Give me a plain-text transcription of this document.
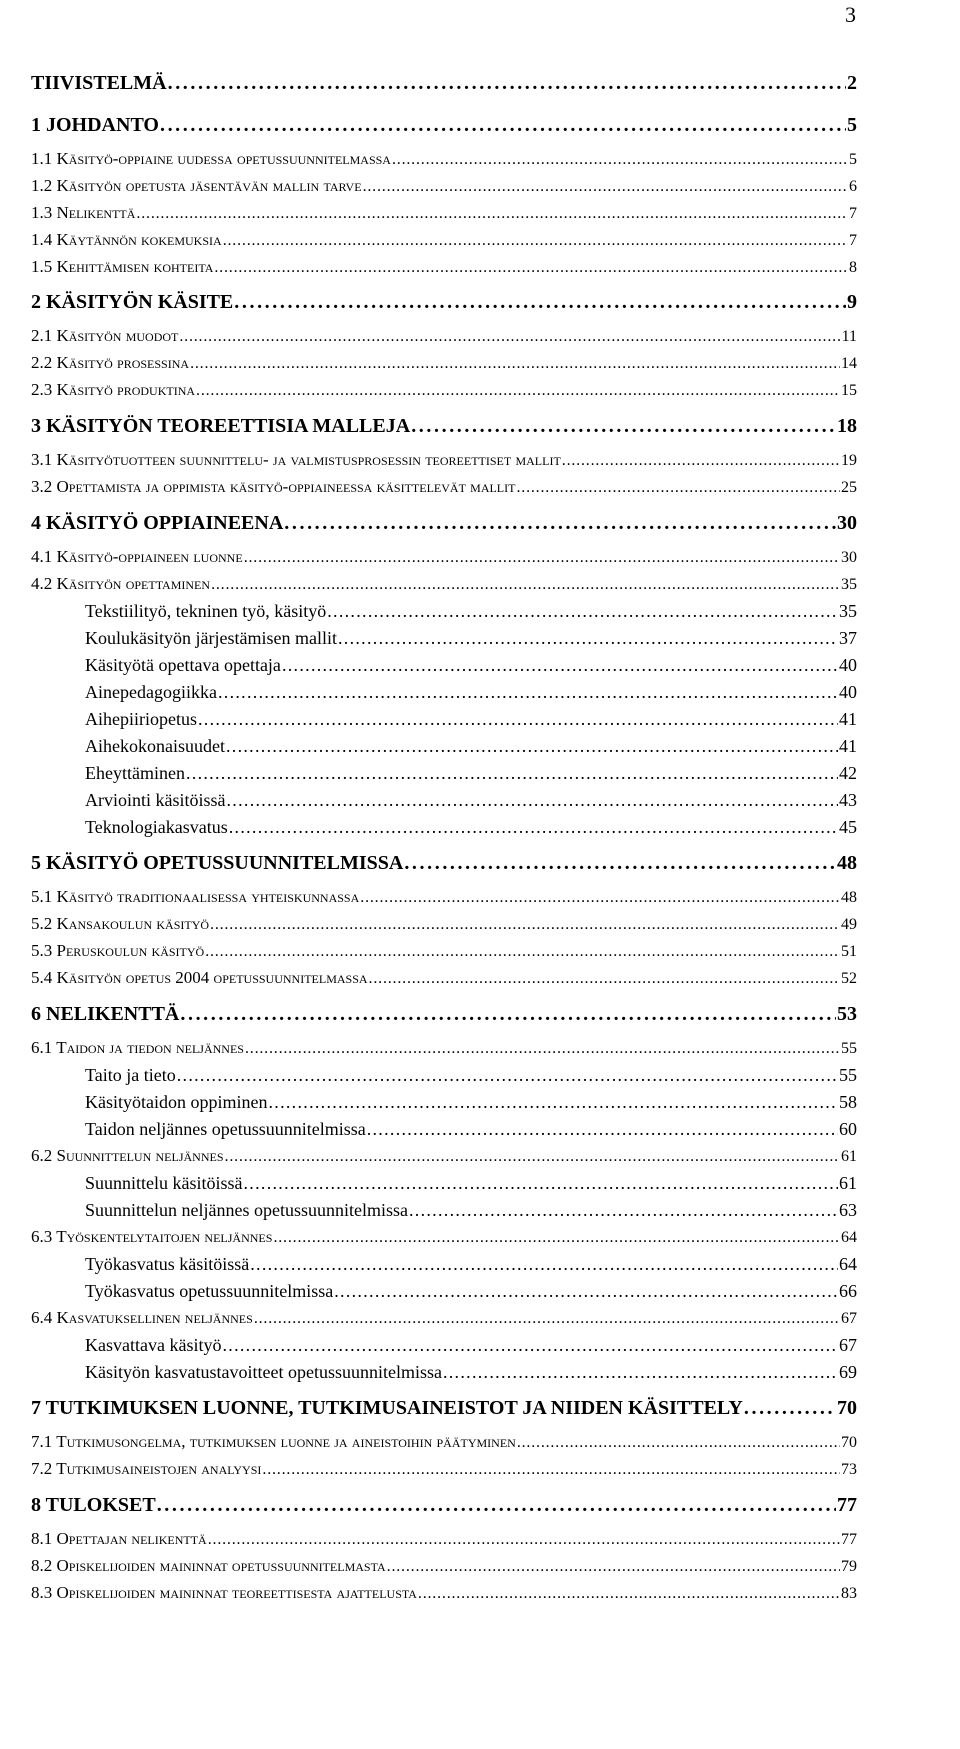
3
TIIVISTELMÄ . . .	2
1 JOHDANTO . . .	5
1.1 Käsityö-oppiaine uudessa opetussuunnitelmassa . . .	5
1.2 Käsityön opetusta jäsentävän mallin tarve . . .	6
1.3 Nelikenttä . . .	7
1.4 Käytännön kokemuksia . . .	7
1.5 Kehittämisen kohteita . . .	8
2 KÄSITYÖN KÄSITE . . .	9
2.1 Käsityön muodot . . .	11
2.2 Käsityö prosessina . . .	14
2.3 Käsityö produktina . . .	15
3 KÄSITYÖN TEOREETTISIA MALLEJA . . .	18
3.1 Käsityötuotteen suunnittelu- ja valmistusprosessin teoreettiset mallit . . .	19
3.2 Opettamista ja oppimista käsityö-oppiaineessa käsittelevät mallit . . .	25
4 KÄSITYÖ OPPIAINEENA . . .	30
4.1 Käsityö-oppiaineen luonne . . .	30
4.2 Käsityön opettaminen . . .	35
Tekstiilityö, tekninen työ, käsityö . . .	35
Koulukäsityön järjestämisen mallit . . .	37
Käsityötä opettava opettaja . . .	40
Ainepedagogiikka . . .	40
Aihepiiriopetus . . .	41
Aihekokonaisuudet . . .	41
Eheyttäminen . . .	42
Arviointi käsitöissä . . .	43
Teknologiakasvatus . . .	45
5 KÄSITYÖ OPETUSSUUNNITELMISSA . . .	48
5.1 Käsityö traditionaalisessa yhteiskunnassa . . .	48
5.2 Kansakoulun käsityö . . .	49
5.3 Peruskoulun käsityö . . .	51
5.4 Käsityön opetus 2004 opetussuunnitelmassa . . .	52
6 NELIKENTTÄ . . .	53
6.1 Taidon ja tiedon neljännes . . .	55
Taito ja tieto . . .	55
Käsityötaidon oppiminen . . .	58
Taidon neljännes opetussuunnitelmissa . . .	60
6.2 Suunnittelun neljännes . . .	61
Suunnittelu käsitöissä . . .	61
Suunnittelun neljännes opetussuunnitelmissa . . .	63
6.3 Työskentelytaitojen neljännes . . .	64
Työkasvatus käsitöissä . . .	64
Työkasvatus opetussuunnitelmissa . . .	66
6.4 Kasvatuksellinen neljännes . . .	67
Kasvattava käsityö . . .	67
Käsityön kasvatustavoitteet opetussuunnitelmissa . . .	69
7 TUTKIMUKSEN LUONNE, TUTKIMUSAINEISTOT JA NIIDEN KÄSITTELY . . .	70
7.1 Tutkimusongelma, tutkimuksen luonne ja aineistoihin päätyminen . . .	70
7.2 Tutkimusaineistojen analyysi . . .	73
8 TULOKSET . . .	77
8.1 Opettajan nelikenttä . . .	77
8.2 Opiskelijoiden maininnat opetussuunnitelmasta . . .	79
8.3 Opiskelijoiden maininnat teoreettisesta ajattelusta . . .	83
